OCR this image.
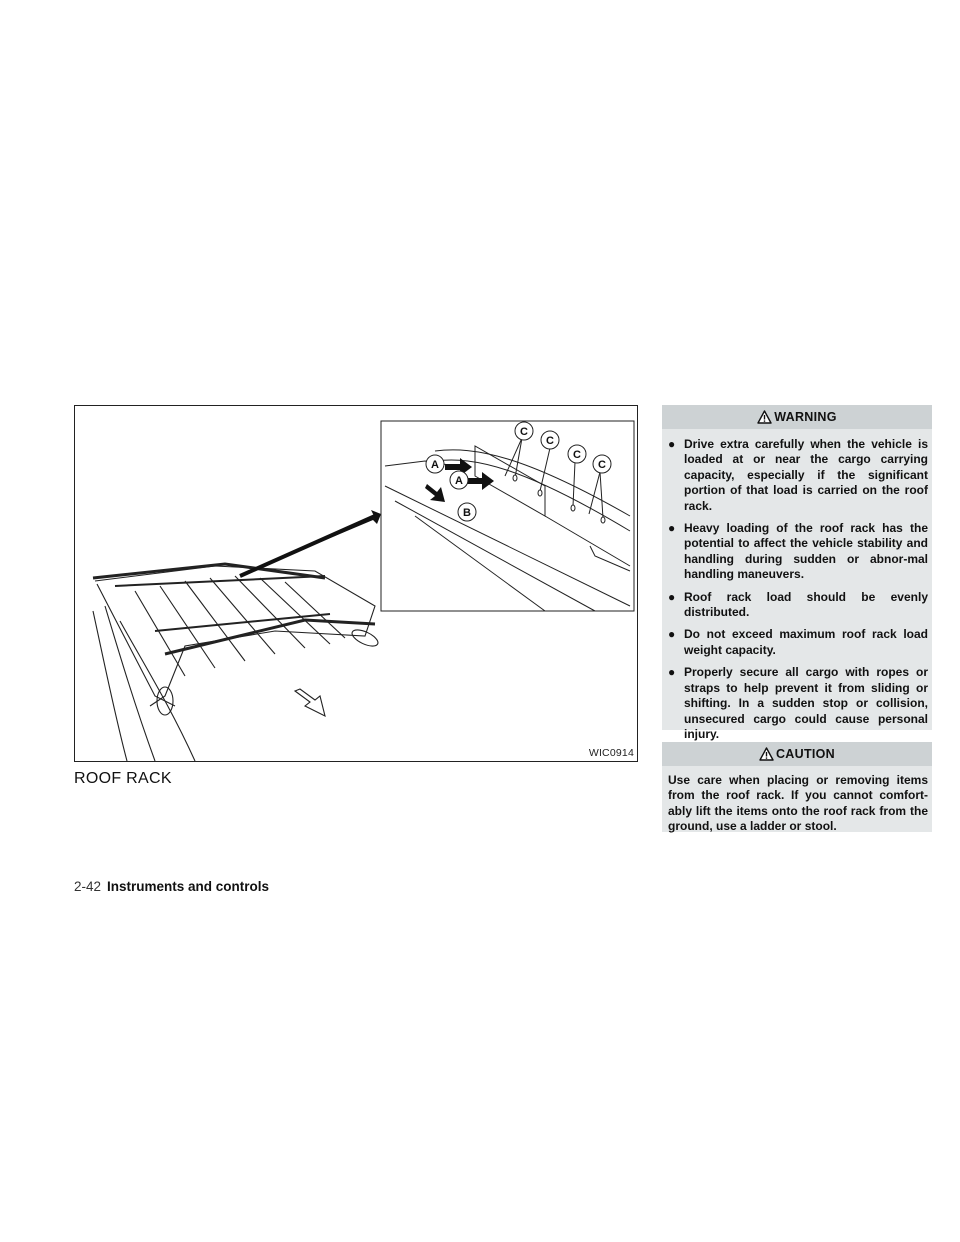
A
A
B
C
C
C
C
WIC0914
ROOF RACK
WARNING
● Drive extra carefully when the vehicle is loaded at or near the cargo carrying capacity, especially if the significant portion of that load is carried on the roof rack.
● Heavy loading of the roof rack has the potential to affect the vehicle stability and handling during sudden or abnor-mal handling maneuvers.
● Roof rack load should be evenly distributed.
● Do not exceed maximum roof rack load weight capacity.
● Properly secure all cargo with ropes or straps to help prevent it from sliding or shifting. In a sudden stop or collision, unsecured cargo could cause personal injury.
CAUTION

Use care when placing or removing items from the roof rack. If you cannot comfort-ably lift the items onto the roof rack from the ground, use a ladder or stool.

2-42 Instruments and controls
